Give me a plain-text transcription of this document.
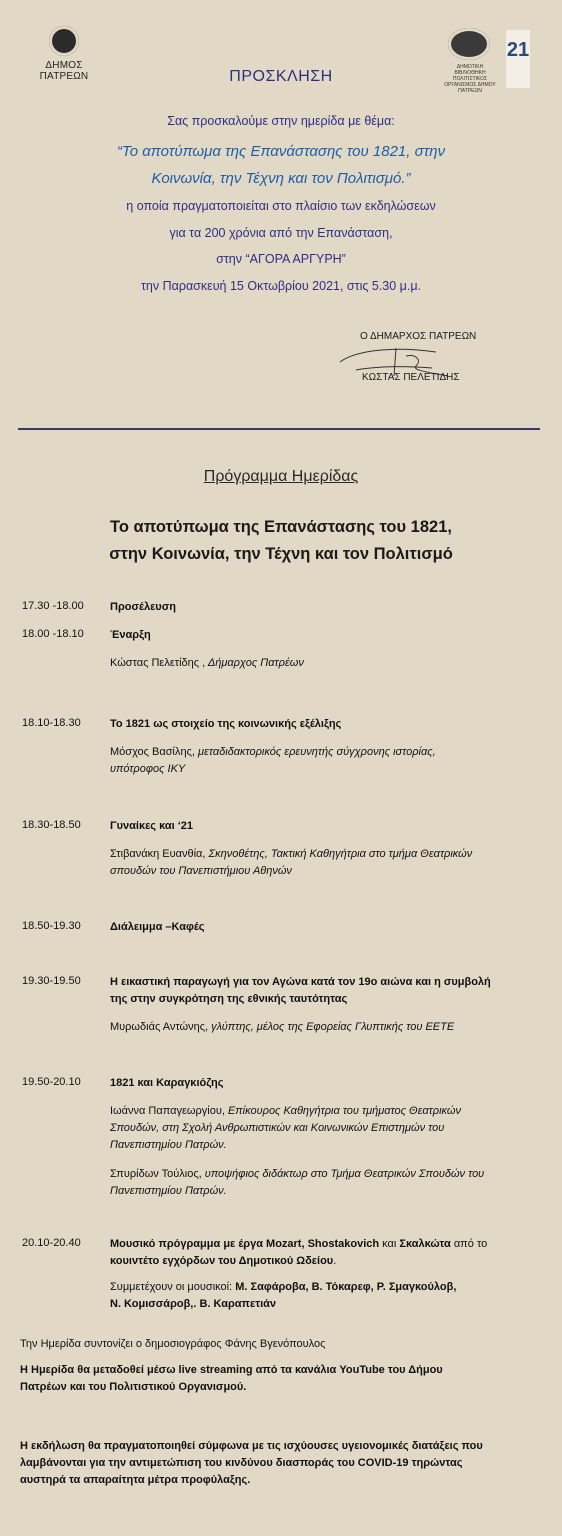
ΔΗΜΟΣ
ΠΑΤΡΕΩΝ
ΔΗΜΟΤΙΚΗ ΒΙΒΛΙΟΘΗΚΗ ΠΟΛΙΤΙΣΤΙΚΟΣ ΟΡΓΑΝΙΣΜΟΣ ΔΗΜΟΥ ΠΑΤΡΕΩΝ
21
ΠΡΟΣΚΛΗΣΗ
Σας προσκαλούμε στην ημερίδα με θέμα:
“Το αποτύπωμα της Επανάστασης του 1821, στην
Κοινωνία, την Τέχνη και τον Πολιτισμό.”
η οποία πραγματοποιείται στο πλαίσιο των εκδηλώσεων
για τα 200 χρόνια από την Επανάσταση,
στην “ΑΓΟΡΑ ΑΡΓΥΡΗ”
την Παρασκευή 15 Οκτωβρίου 2021, στις 5.30 μ.μ.
Ο ΔΗΜΑΡΧΟΣ ΠΑΤΡΕΩΝ
ΚΩΣΤΑΣ ΠΕΛΕΤΙΔΗΣ
Πρόγραμμα Ημερίδας
Το αποτύπωμα της Επανάστασης του 1821,
στην Κοινωνία, την Τέχνη και τον Πολιτισμό
17.30 -18.00 Προσέλευση
18.00 -18.10 Έναρξη
Κώστας Πελετίδης , Δήμαρχος Πατρέων
18.10-18.30	Το 1821 ως στοιχείο της κοινωνικής εξέλιξης
Μόσχος Βασίλης, μεταδιδακτορικός ερευνητής σύγχρονης ιστορίας,
υπότροφος ΙΚΥ
18.30-18.50	Γυναίκες και ‘21
Στιβανάκη Ευανθία, Σκηνοθέτης, Τακτική Καθηγήτρια στο τμήμα Θεατρικών
σπουδών του Πανεπιστήμιου Αθηνών
18.50-19.30	Διάλειμμα –Καφές
19.30-19.50	Η εικαστική παραγωγή για τον Αγώνα κατά τον 19ο αιώνα και η συμβολή
της στην συγκρότηση της εθνικής ταυτότητας
Μυρωδιάς Αντώνης, γλύπτης, μέλος της Εφορείας Γλυπτικής του ΕΕΤΕ
19.50-20.10	1821 και Καραγκιόζης
Ιωάννα Παπαγεωργίου, Επίκουρος Καθηγήτρια του τμήματος Θεατρικών
Σπουδών, στη Σχολή Ανθρωπιστικών και Κοινωνικών Επιστημών του
Πανεπιστημίου Πατρών.
Σπυρίδων Τούλιος, υποψήφιος διδάκτωρ στο Τμήμα Θεατρικών Σπουδών του
Πανεπιστημίου Πατρών.
20.10-20.40	Μουσικό πρόγραμμα με έργα Mozart, Shostakovich και Σκαλκώτα από το
κουιντέτο εγχόρδων του Δημοτικού Ωδείου.
Συμμετέχουν οι μουσικοί: Μ. Σαφάροβα, Β. Τόκαρεφ, Ρ. Σμαγκούλοβ,
Ν. Κομισσάροβ,. Β. Καραπετιάν
Την Ημερίδα συντονίζει ο δημοσιογράφος Φάνης Βγενόπουλος
Η Ημερίδα θα μεταδοθεί μέσω live streaming από τα κανάλια YouTube του Δήμου
Πατρέων και του Πολιτιστικού Οργανισμού.
Η εκδήλωση θα πραγματοποιηθεί σύμφωνα με τις ισχύουσες υγειονομικές διατάξεις που
λαμβάνονται για την αντιμετώπιση του κινδύνου διασποράς του COVID-19 τηρώντας
αυστηρά τα απαραίτητα μέτρα προφύλαξης.
